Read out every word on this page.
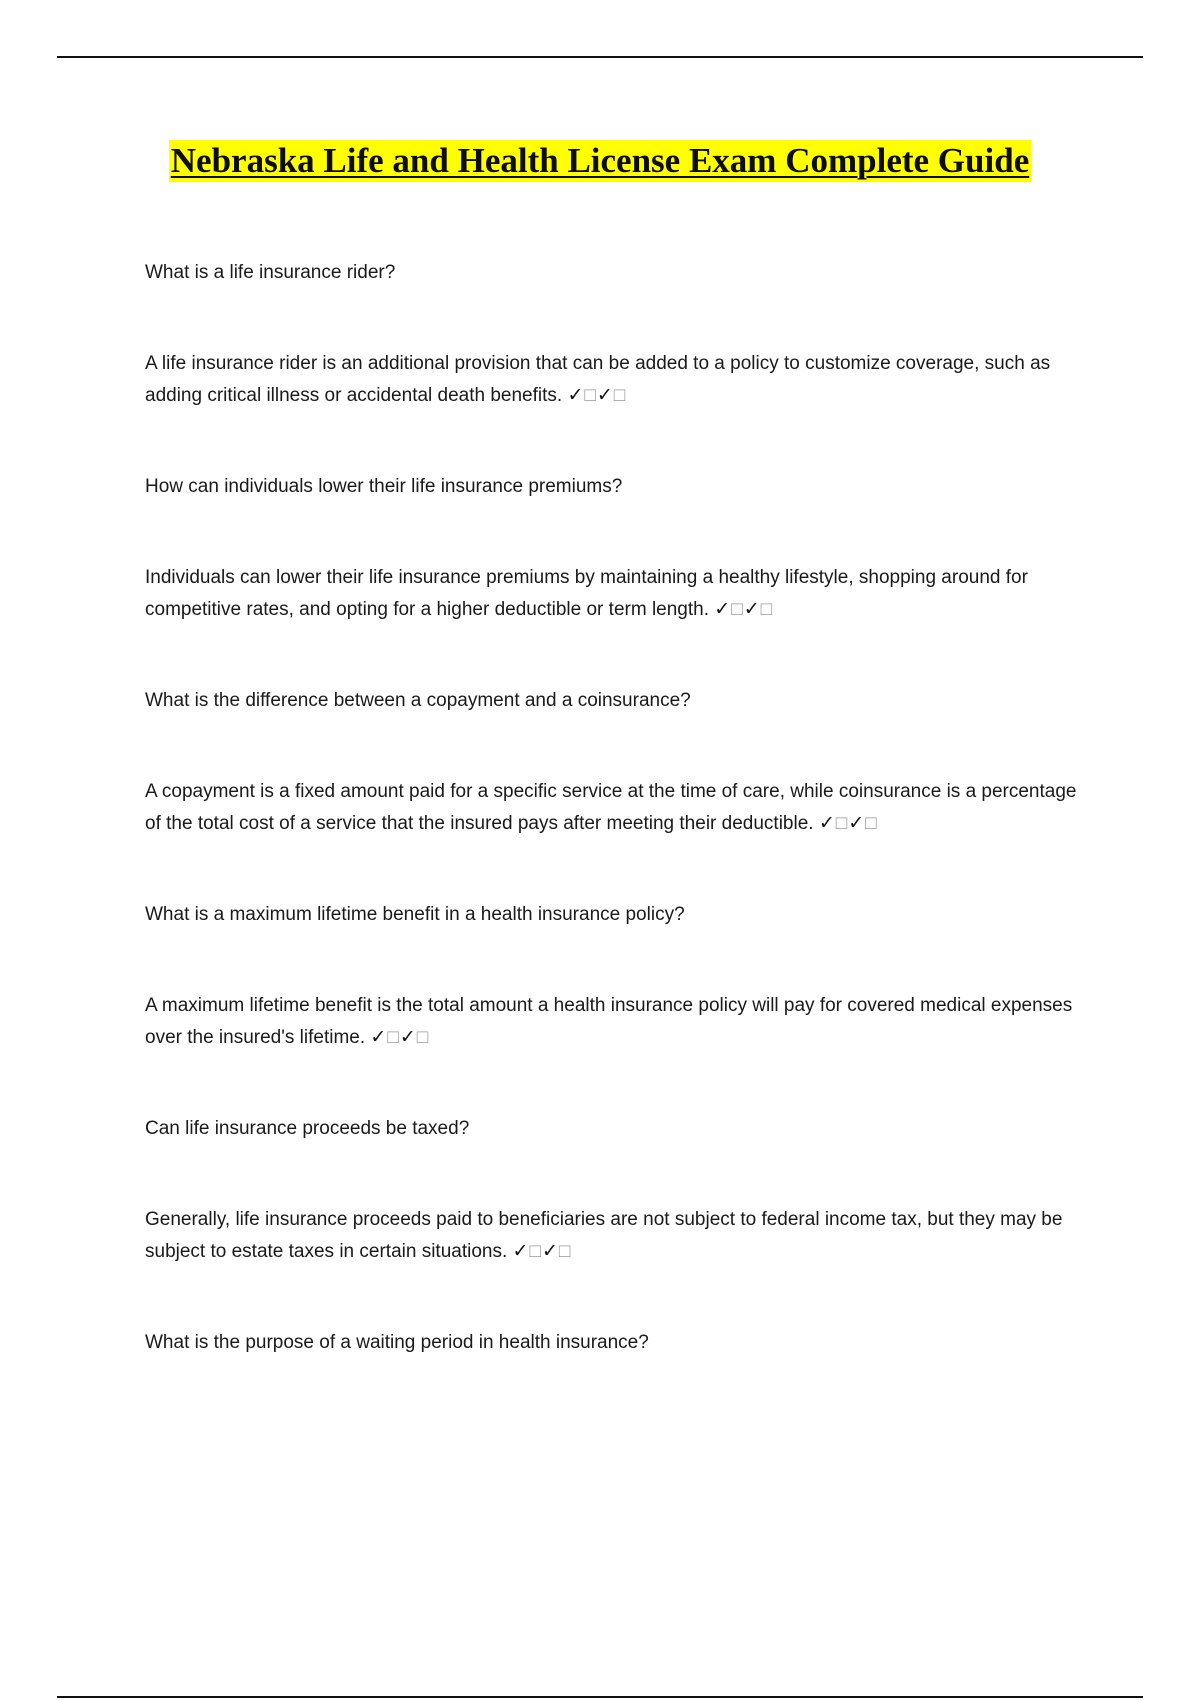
Nebraska Life and Health License Exam Complete Guide

What is a life insurance rider?

A life insurance rider is an additional provision that can be added to a policy to customize coverage, such as adding critical illness or accidental death benefits. ✓□✓□

How can individuals lower their life insurance premiums?

Individuals can lower their life insurance premiums by maintaining a healthy lifestyle, shopping around for competitive rates, and opting for a higher deductible or term length. ✓□✓□

What is the difference between a copayment and a coinsurance?

A copayment is a fixed amount paid for a specific service at the time of care, while coinsurance is a percentage of the total cost of a service that the insured pays after meeting their deductible. ✓□✓□

What is a maximum lifetime benefit in a health insurance policy?

A maximum lifetime benefit is the total amount a health insurance policy will pay for covered medical expenses over the insured's lifetime. ✓□✓□

Can life insurance proceeds be taxed?

Generally, life insurance proceeds paid to beneficiaries are not subject to federal income tax, but they may be subject to estate taxes in certain situations. ✓□✓□

What is the purpose of a waiting period in health insurance?
